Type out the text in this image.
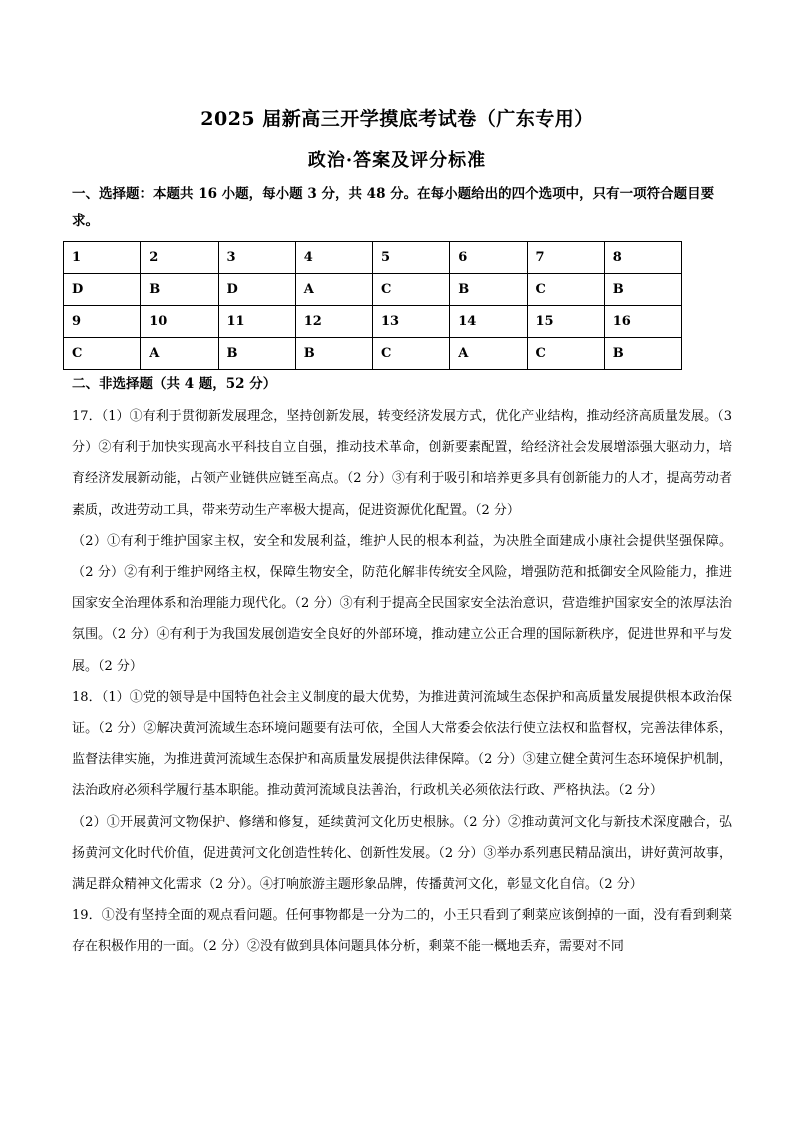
2025 届新高三开学摸底考试卷（广东专用）
政治·答案及评分标准
一、选择题：本题共 16 小题，每小题 3 分，共 48 分。在每小题给出的四个选项中，只有一项符合题目要求。
1	2	3	4	5	6	7	8
D	B	D	A	C	B	C	B
9	10	11	12	13	14	15	16
C	A	B	B	C	A	C	B
二、非选择题（共 4 题，52 分）

17．（1）①有利于贯彻新发展理念，坚持创新发展，转变经济发展方式，优化产业结构，推动经济高质量发展。（3 分）②有利于加快实现高水平科技自立自强，推动技术革命，创新要素配置，给经济社会发展增添强大驱动力，培育经济发展新动能，占领产业链供应链至高点。（2 分）③有利于吸引和培养更多具有创新能力的人才，提高劳动者素质，改进劳动工具，带来劳动生产率极大提高，促进资源优化配置。（2 分）

（2）①有利于维护国家主权，安全和发展利益，维护人民的根本利益，为决胜全面建成小康社会提供坚强保障。（2 分）②有利于维护网络主权，保障生物安全，防范化解非传统安全风险，增强防范和抵御安全风险能力，推进国家安全治理体系和治理能力现代化。（2 分）③有利于提高全民国家安全法治意识，营造维护国家安全的浓厚法治氛围。（2 分）④有利于为我国发展创造安全良好的外部环境，推动建立公正合理的国际新秩序，促进世界和平与发展。（2 分）

18．（1）①党的领导是中国特色社会主义制度的最大优势，为推进黄河流域生态保护和高质量发展提供根本政治保证。（2 分）②解决黄河流域生态环境问题要有法可依，全国人大常委会依法行使立法权和监督权，完善法律体系，监督法律实施，为推进黄河流域生态保护和高质量发展提供法律保障。（2 分）③建立健全黄河生态环境保护机制，法治政府必须科学履行基本职能。推动黄河流域良法善治，行政机关必须依法行政、严格执法。（2 分）

（2）①开展黄河文物保护、修缮和修复，延续黄河文化历史根脉。（2 分）②推动黄河文化与新技术深度融合，弘扬黄河文化时代价值，促进黄河文化创造性转化、创新性发展。（2 分）③举办系列惠民精品演出，讲好黄河故事，满足群众精神文化需求（2 分）。④打响旅游主题形象品牌，传播黄河文化，彰显文化自信。（2 分）

19．①没有坚持全面的观点看问题。任何事物都是一分为二的，小王只看到了剩菜应该倒掉的一面，没有看到剩菜存在积极作用的一面。（2 分）②没有做到具体问题具体分析，剩菜不能一概地丢弃，需要对不同
